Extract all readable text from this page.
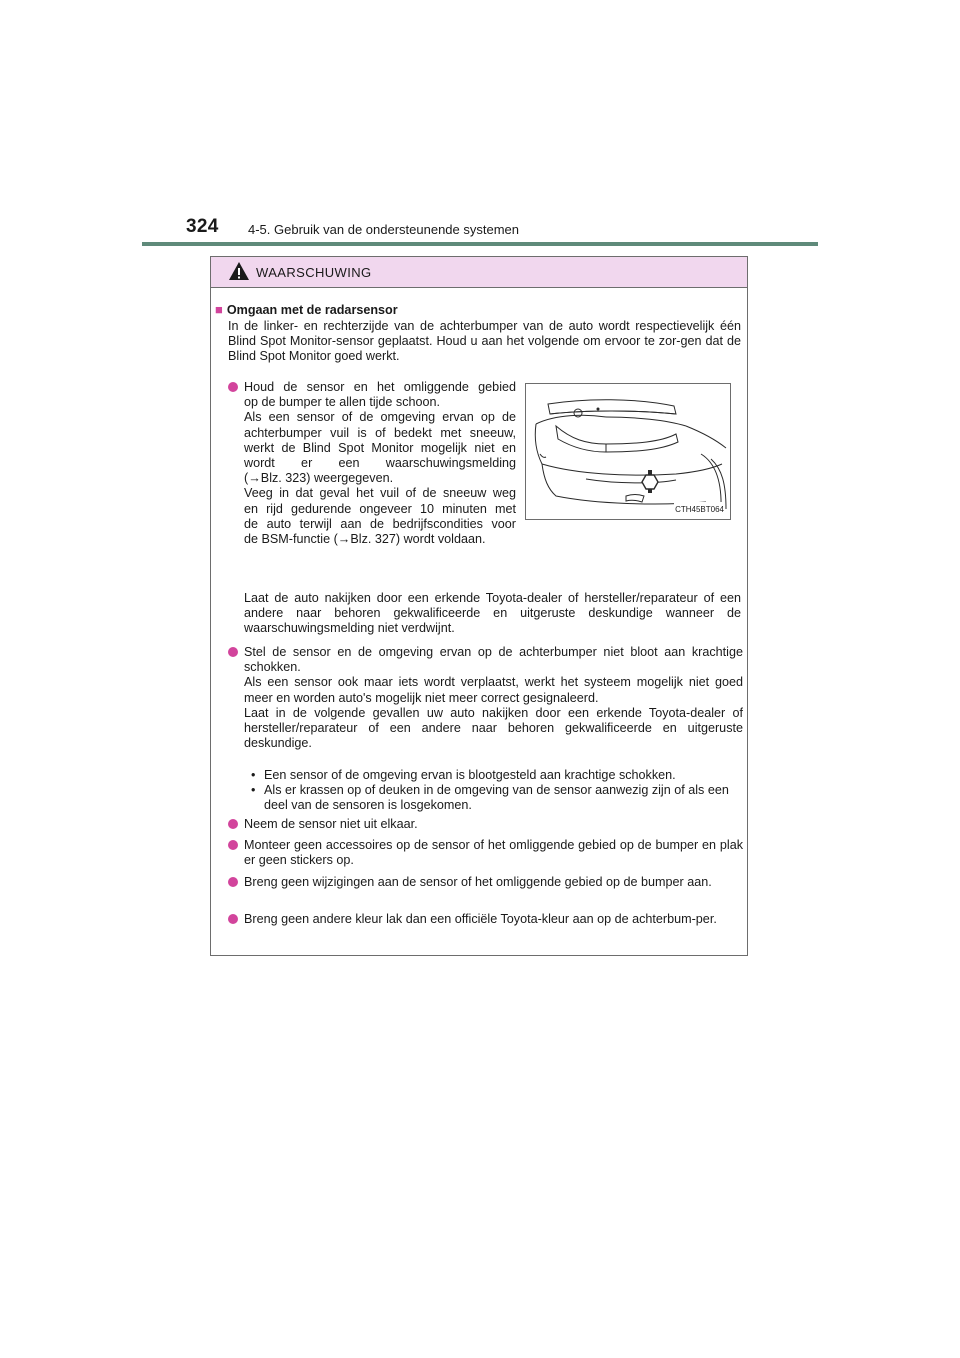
324 4-5. Gebruik van de ondersteunende systemen
WAARSCHUWING
■ Omgaan met de radarsensor

In de linker- en rechterzijde van de achterbumper van de auto wordt respectievelijk één Blind Spot Monitor-sensor geplaatst. Houd u aan het volgende om ervoor te zor-gen dat de Blind Spot Monitor goed werkt.

Houd de sensor en het omliggende gebied
op de bumper te allen tijde schoon.
Als een sensor of de omgeving ervan op de
achterbumper vuil is of bedekt met sneeuw,
werkt de Blind Spot Monitor mogelijk niet en
wordt er een waarschuwingsmelding
(→Blz. 323) weergegeven.
Veeg in dat geval het vuil of de sneeuw weg
en rijd gedurende ongeveer 10 minuten met
de auto terwijl aan de bedrijfscondities voor
de BSM-functie (→Blz. 327) wordt voldaan.
CTH45BT064

Laat de auto nakijken door een erkende Toyota-dealer of hersteller/reparateur of een andere naar behoren gekwalificeerde en uitgeruste deskundige wanneer de waarschuwingsmelding niet verdwijnt.

Stel de sensor en de omgeving ervan op de achterbumper niet bloot aan krachtige schokken.
Als een sensor ook maar iets wordt verplaatst, werkt het systeem mogelijk niet goed meer en worden auto's mogelijk niet meer correct gesignaleerd.
Laat in de volgende gevallen uw auto nakijken door een erkende Toyota-dealer of hersteller/reparateur of een andere naar behoren gekwalificeerde en uitgeruste deskundige.
• Een sensor of de omgeving ervan is blootgesteld aan krachtige schokken.
• Als er krassen op of deuken in de omgeving van de sensor aanwezig zijn of als een deel van de sensoren is losgekomen.
Neem de sensor niet uit elkaar.
Monteer geen accessoires op de sensor of het omliggende gebied op de bumper en plak er geen stickers op.
Breng geen wijzigingen aan de sensor of het omliggende gebied op de bumper aan.
Breng geen andere kleur lak dan een officiële Toyota-kleur aan op de achterbum-per.
